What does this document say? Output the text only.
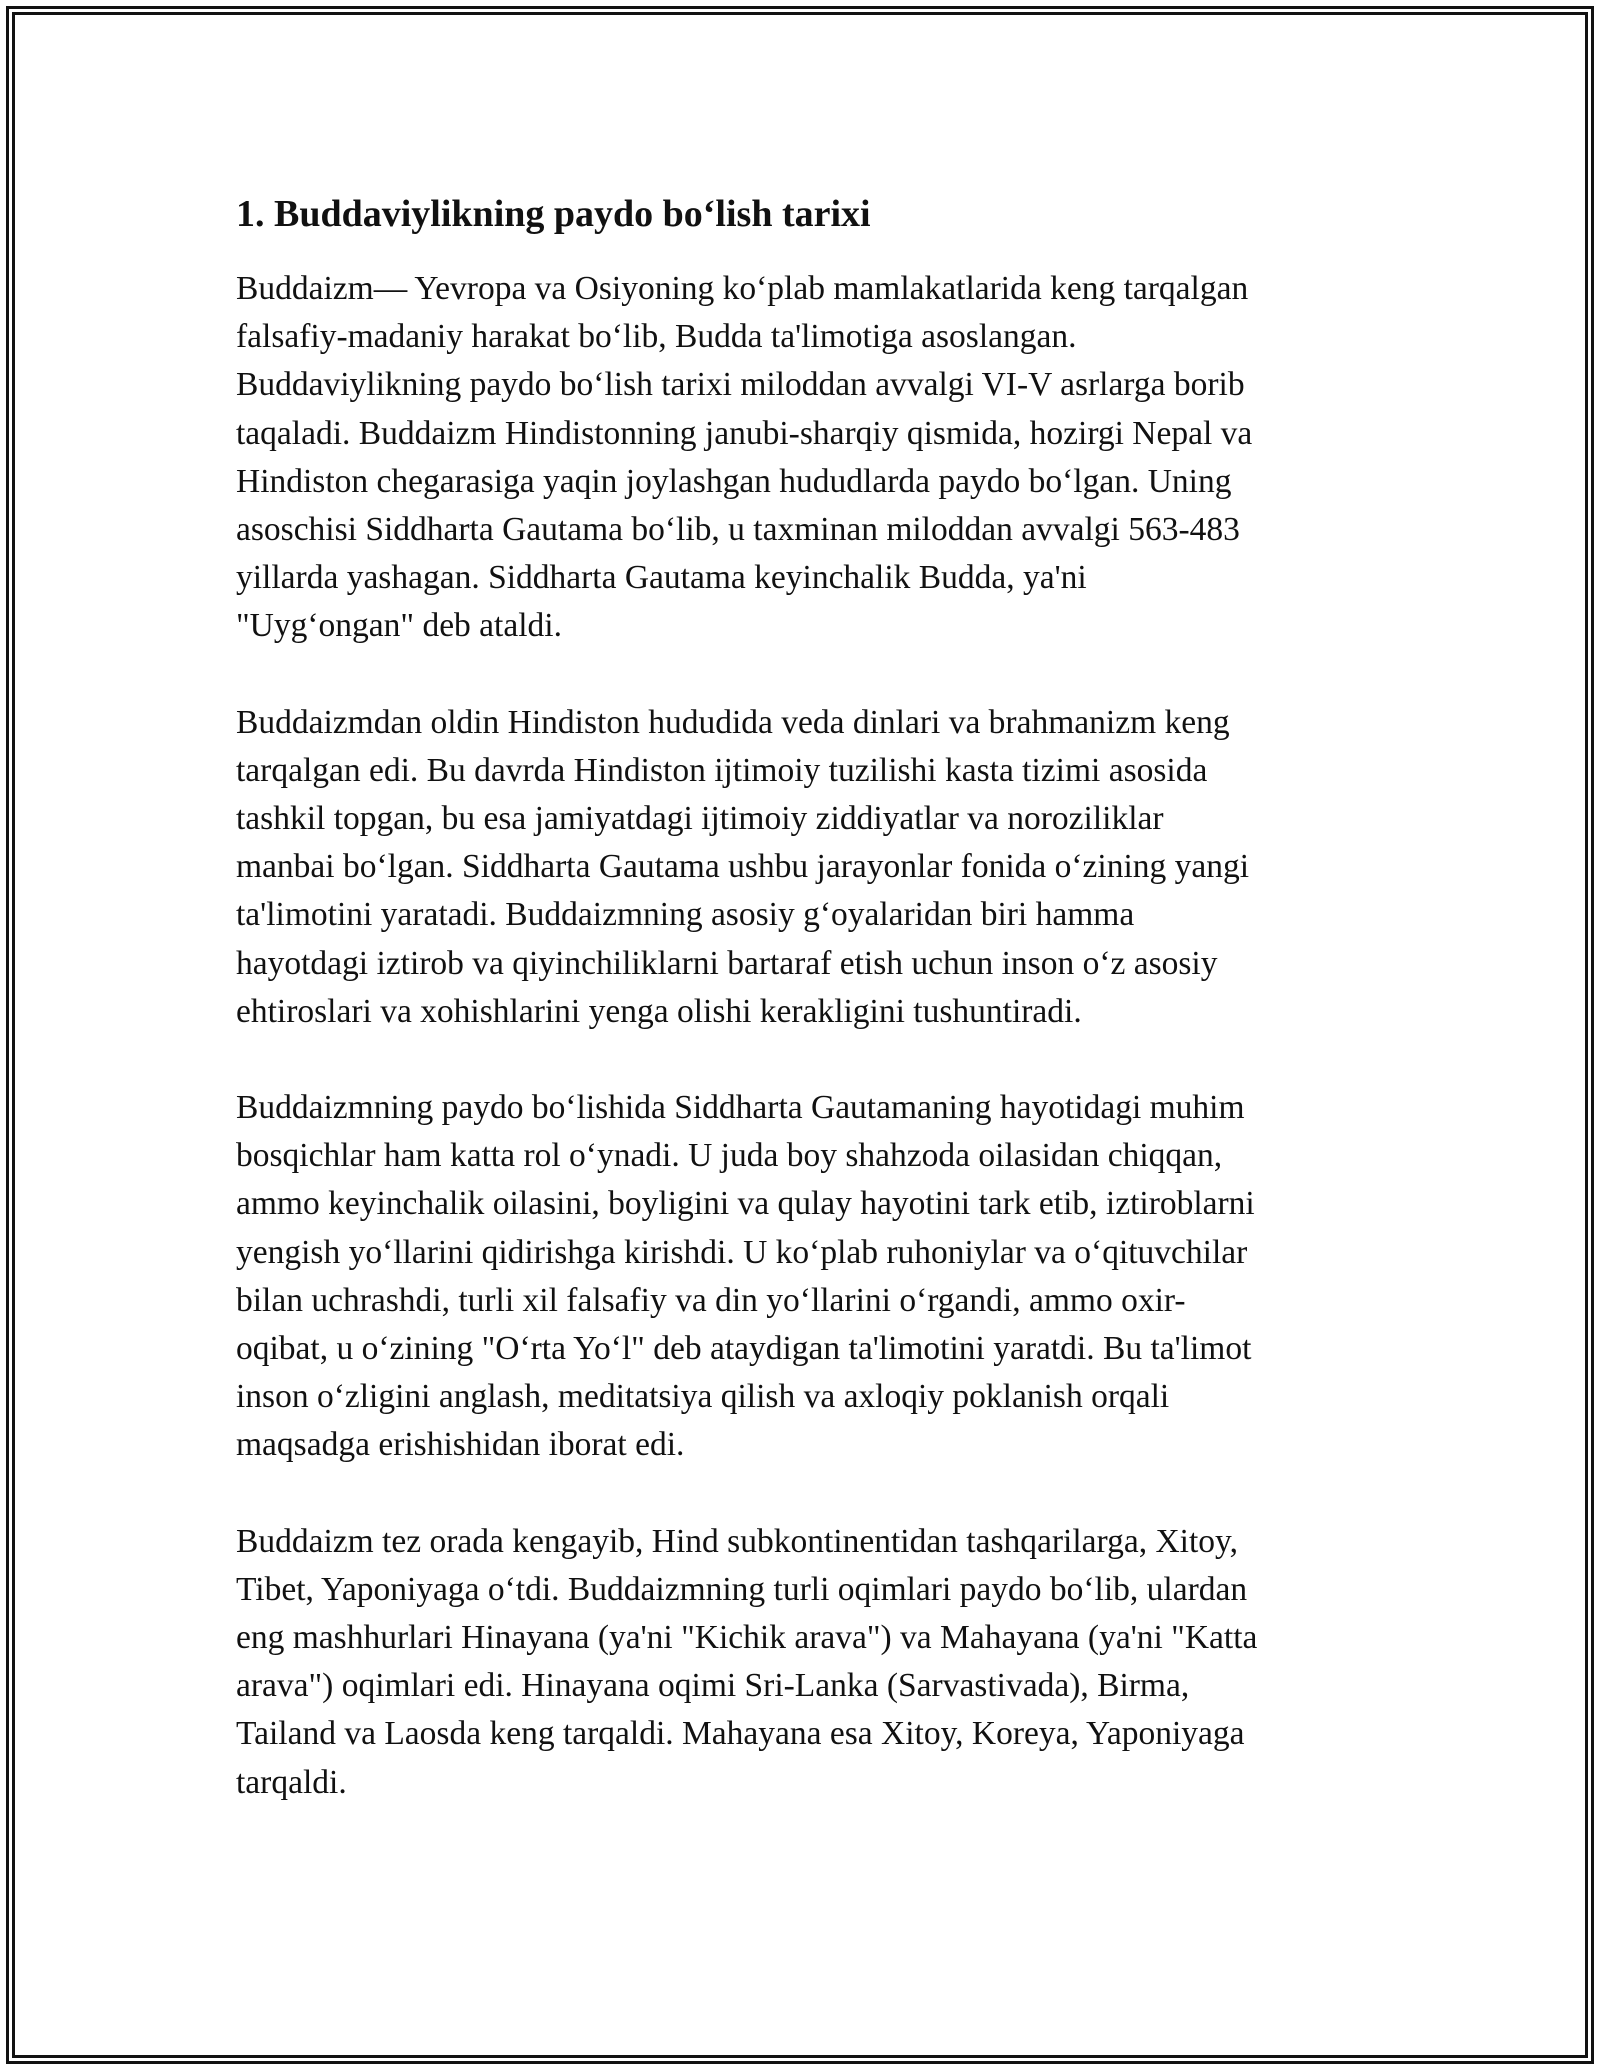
1. Buddaviylikning paydo bo‘lish tarixi

Buddaizm— Yevropa va Osiyoning ko‘plab mamlakatlarida keng tarqalgan
falsafiy-madaniy harakat bo‘lib, Budda ta'limotiga asoslangan.
Buddaviylikning paydo bo‘lish tarixi miloddan avvalgi VI-V asrlarga borib
taqaladi. Buddaizm Hindistonning janubi-sharqiy qismida, hozirgi Nepal va
Hindiston chegarasiga yaqin joylashgan hududlarda paydo bo‘lgan. Uning
asoschisi Siddharta Gautama bo‘lib, u taxminan miloddan avvalgi 563-483
yillarda yashagan. Siddharta Gautama keyinchalik Budda, ya'ni
"Uyg‘ongan" deb ataldi.

Buddaizmdan oldin Hindiston hududida veda dinlari va brahmanizm keng
tarqalgan edi. Bu davrda Hindiston ijtimoiy tuzilishi kasta tizimi asosida
tashkil topgan, bu esa jamiyatdagi ijtimoiy ziddiyatlar va noroziliklar
manbai bo‘lgan. Siddharta Gautama ushbu jarayonlar fonida o‘zining yangi
ta'limotini yaratadi. Buddaizmning asosiy g‘oyalaridan biri hamma
hayotdagi iztirob va qiyinchiliklarni bartaraf etish uchun inson o‘z asosiy
ehtiroslari va xohishlarini yenga olishi kerakligini tushuntiradi.

Buddaizmning paydo bo‘lishida Siddharta Gautamaning hayotidagi muhim
bosqichlar ham katta rol o‘ynadi. U juda boy shahzoda oilasidan chiqqan,
ammo keyinchalik oilasini, boyligini va qulay hayotini tark etib, iztiroblarni
yengish yo‘llarini qidirishga kirishdi. U ko‘plab ruhoniylar va o‘qituvchilar
bilan uchrashdi, turli xil falsafiy va din yo‘llarini o‘rgandi, ammo oxir-
oqibat, u o‘zining "O‘rta Yo‘l" deb ataydigan ta'limotini yaratdi. Bu ta'limot
inson o‘zligini anglash, meditatsiya qilish va axloqiy poklanish orqali
maqsadga erishishidan iborat edi.

Buddaizm tez orada kengayib, Hind subkontinentidan tashqarilarga, Xitoy,
Tibet, Yaponiyaga o‘tdi. Buddaizmning turli oqimlari paydo bo‘lib, ulardan
eng mashhurlari Hinayana (ya'ni "Kichik arava") va Mahayana (ya'ni "Katta
arava") oqimlari edi. Hinayana oqimi Sri-Lanka (Sarvastivada), Birma,
Tailand va Laosda keng tarqaldi. Mahayana esa Xitoy, Koreya, Yaponiyaga
tarqaldi.
